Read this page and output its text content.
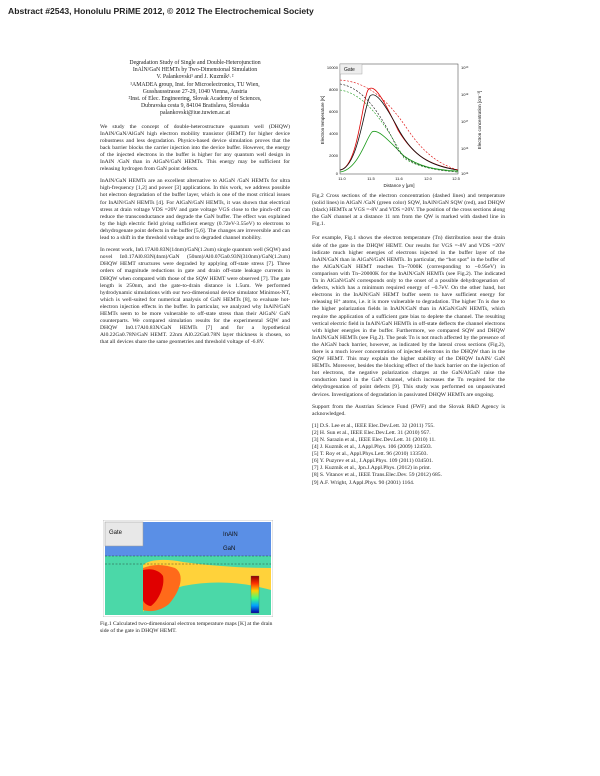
Abstract #2543, Honolulu PRiME 2012, © 2012 The Electrochemical Society
Degradation Study of Single and Double-Heterojunction
InAlN/GaN HEMTs by Two-Dimensional Simulation
V. Palankovski¹ and J. Kuzmík¹˒²
¹AMADEA group, Inst. for Microelectronics, TU Wien,
Gusshausstrasse 27-29, 1040 Vienna, Austria
²Inst. of Elec. Engineering, Slovak Academy of Sciences,
Dubravska cesta 9, 84104 Bratislava, Slovakia
palankovski@iue.tuwien.ac.at

We study the concept of double-heterostructure quantum well (DHQW) InAlN/GaN/AlGaN high electron mobility transistor (HEMT) for higher device robustness and less degradation. Physics-based device simulation proves that the back barrier blocks the carrier injection into the device buffer. However, the energy of the injected electrons in the buffer is higher for any quantum well design in InAlN /GaN than in AlGaN/GaN HEMTs. This energy may be sufficient for releasing hydrogen from GaN point defects.

InAlN/GaN HEMTs are an excellent alternative to AlGaN /GaN HEMTs for ultra high-frequency [1,2] and power [3] applications. In this work, we address possible hot electron degradation of the buffer layer, which is one of the most critical issues for InAlN/GaN HEMTs [4]. For AlGaN/GaN HEMTs, it was shown that electrical stress at drain voltage VDS =20V and gate voltage VGS close to the pinch-off can reduce the transconductance and degrade the GaN buffer. The effect was explained by the high electric field giving sufficient energy (0.72eV-3.55eV) to electrons to dehydrogenate point defects in the buffer [5,6]. The changes are irreversible and can lead to a shift in the threshold voltage and to degraded channel mobility.

In recent work, In0.17Al0.83N(14nm)/GaN(1.2um) single quantum well (SQW) and novel In0.17Al0.83N(4nm)/GaN (50nm)/Al0.07Ga0.93N(310nm)/GaN(1.2um) DHQW HEMT structures were degraded by applying off-state stress [7]. Three orders of magnitude reductions in gate and drain off-state leakage currents in DHQW when compared with those of the SQW HEMT were observed [7]. The gate length is 250nm, and the gate-to-drain distance is 1.5um. We performed hydrodynamic simulations with our two-dimensional device simulator Minimos-NT, which is well-suited for numerical analysis of GaN HEMTs [8], to evaluate hot-electron injection effects in the buffer. In particular, we analyzed why InAlN/GaN HEMTs seem to be more vulnerable to off-state stress than their AlGaN/ GaN counterparts. We compared simulation results for the experimental SQW and DHQW In0.17Al0.83N/GaN HEMTs [7] and for a hypothetical Al0.22Ga0.78N/GaN HEMT. 22nm Al0.22Ga0.78N layer thickness is chosen, so that all devices share the same geometries and threshold voltage of -6.8V.

Gate	InAlN
GaN
Fig.1 Calculated two-dimensional electron temperature maps [K] at the drain side of the gate in DHQW HEMT.
Gate
10000
8000
6000
4000
2000
0
10¹⁹
10¹⁸
10¹⁷
10¹⁶
10¹⁵
11.0	11.5	11.6	12.0	12.5
Distance y [μm]
Electron temperature [K]	Electron concentration [cm⁻³]

Fig.2 Cross sections of the electron concentration (dashed lines) and temperature (solid lines) in AlGaN /GaN (green color) SQW, InAlN/GaN SQW (red), and DHQW (black) HEMTs at VGS =-8V and VDS =20V. The position of the cross sections along the GaN channel at a distance 11 nm from the QW is marked with dashed line in Fig.1.

For example, Fig.1 shows the electron temperature (Tn) distribution near the drain side of the gate in the DHQW HEMT. Our results for VGS =-8V and VDS =20V indicate much higher energies of electrons injected in the buffer layer of the InAlN/GaN than in AlGaN/GaN HEMTs. In particular, the “hot spot” in the buffer of the AlGaN/GaN HEMT reaches Tn~7000K (corresponding to ~0.95eV) in comparison with Tn~20000K for the InAlN/GaN HEMTs (see Fig.2). The indicated Tn in AlGaN/GaN corresponds only to the onset of a possible dehydrogenation of defects, which has a minimum required energy of ~0.7eV. On the other hand, hot electrons in the InAlN/GaN HEMT buffer seem to have sufficient energy for releasing H⁺ atoms, i.e. it is more vulnerable to degradation. The higher Tn is due to the higher polarization fields in InAlN/GaN than in AlGaN/GaN HEMTs, which require the application of a sufficient gate bias to deplete the channel. The resulting vertical electric field in InAlN/GaN HEMTs in off-state deflects the channel electrons with higher energies in the buffer. Furthermore, we compared SQW and DHQW InAlN/GaN HEMTs (see Fig.2). The peak Tn is not much affected by the presence of the AlGaN back barrier, however, as indicated by the lateral cross sections (Fig.2), there is a much lower concentration of injected electrons in the DHQW than in the SQW HEMT. This may explain the higher stability of the DHQW InAlN/ GaN HEMTs. Moreover, besides the blocking effect of the back barrier on the injection of hot electrons, the negative polarization charges at the GaN/AlGaN raise the conduction band in the GaN channel, which increases the Tn required for the dehydrogenation of point defects [9]. This study was performed on unpassivated devices. Investigations of degradation in passivated DHQW HEMTs are ongoing.

Support from the Austrian Science Fund (FWF) and the Slovak R&D Agency is acknowledged.

[1] D.S. Lee et al., IEEE Elec.Dev.Lett. 32 (2011) 755.
[2] H. Sun et al., IEEE Elec.Dev.Lett. 31 (2010) 957.
[3] N. Sarazin et al., IEEE Elec.Dev.Lett. 31 (2010) 11.
[4] J. Kuzmik et al., J.Appl.Phys. 106 (2009) 124503.
[5] T. Roy et al., Appl.Phys.Lett. 96 (2010) 133503.
[6] Y. Puzyrev et al., J.Appl.Phys. 109 (2011) 034501.
[7] J. Kuzmik et al., Jpn.J.Appl.Phys. (2012) in print.
[8] S. Vitanov et al., IEEE Trans.Elec.Dev. 59 (2012) 685.
[9] A.F. Wright, J.Appl.Phys. 90 (2001) 1164.
